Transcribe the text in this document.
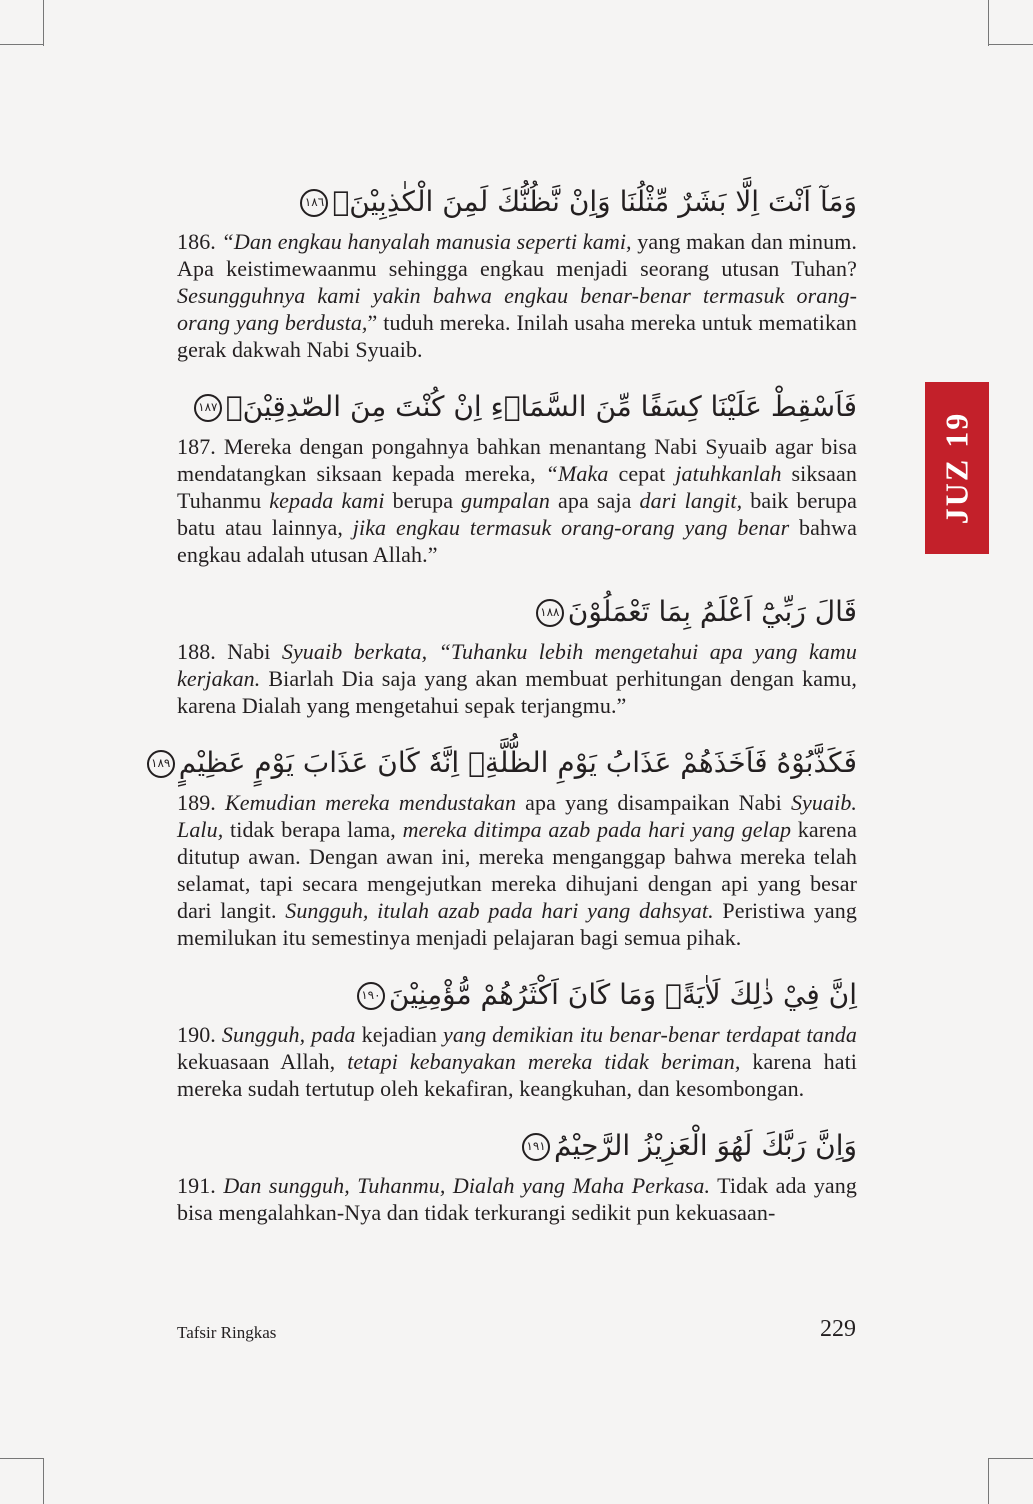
وَمَآ اَنْتَ اِلَّا بَشَرٌ مِّثْلُنَا وَاِنْ نَّظُنُّكَ لَمِنَ الْكٰذِبِيْنَۚ١٨٦
186. “Dan engkau hanyalah manusia seperti kami, yang makan dan minum. Apa keistimewaanmu sehingga engkau menjadi seorang utusan Tuhan? Sesungguhnya kami yakin bahwa engkau benar-benar termasuk orang-orang yang berdusta,” tuduh mereka. Inilah usaha mereka untuk mematikan gerak dakwah Nabi Syuaib.
فَاَسْقِطْ عَلَيْنَا كِسَفًا مِّنَ السَّمَاۤءِ اِنْ كُنْتَ مِنَ الصّٰدِقِيْنَۗ١٨٧
187. Mereka dengan pongahnya bahkan menantang Nabi Syuaib agar bisa mendatangkan siksaan kepada mereka, “Maka cepat jatuhkanlah siksaan Tuhanmu kepada kami berupa gumpalan apa saja dari langit, baik berupa batu atau lainnya, jika engkau termasuk orang-orang yang benar bahwa engkau adalah utusan Allah.”
قَالَ رَبِّيْٓ اَعْلَمُ بِمَا تَعْمَلُوْنَ١٨٨
188. Nabi Syuaib berkata, “Tuhanku lebih mengetahui apa yang kamu kerjakan. Biarlah Dia saja yang akan membuat perhitungan dengan kamu, karena Dialah yang mengetahui sepak terjangmu.”
فَكَذَّبُوْهُ فَاَخَذَهُمْ عَذَابُ يَوْمِ الظُّلَّةِۗ اِنَّهٗ كَانَ عَذَابَ يَوْمٍ عَظِيْمٍ١٨٩
189. Kemudian mereka mendustakan apa yang disampaikan Nabi Syuaib. Lalu, tidak berapa lama, mereka ditimpa azab pada hari yang gelap karena ditutup awan. Dengan awan ini, mereka menganggap bahwa mereka telah selamat, tapi secara mengejutkan mereka dihujani dengan api yang besar dari langit. Sungguh, itulah azab pada hari yang dahsyat. Peristiwa yang memilukan itu semestinya menjadi pelajaran bagi semua pihak.
اِنَّ فِيْ ذٰلِكَ لَاٰيَةًۗ وَمَا كَانَ اَكْثَرُهُمْ مُّؤْمِنِيْنَ١٩٠
190. Sungguh, pada kejadian yang demikian itu benar-benar terdapat tanda kekuasaan Allah, tetapi kebanyakan mereka tidak beriman, karena hati mereka sudah tertutup oleh kekafiran, keangkuhan, dan kesombongan.
وَاِنَّ رَبَّكَ لَهُوَ الْعَزِيْزُ الرَّحِيْمُ١٩١
191. Dan sungguh, Tuhanmu, Dialah yang Maha Perkasa. Tidak ada yang bisa mengalahkan-Nya dan tidak terkurangi sedikit pun kekuasaan-
JUZ 19
Tafsir Ringkas	229
